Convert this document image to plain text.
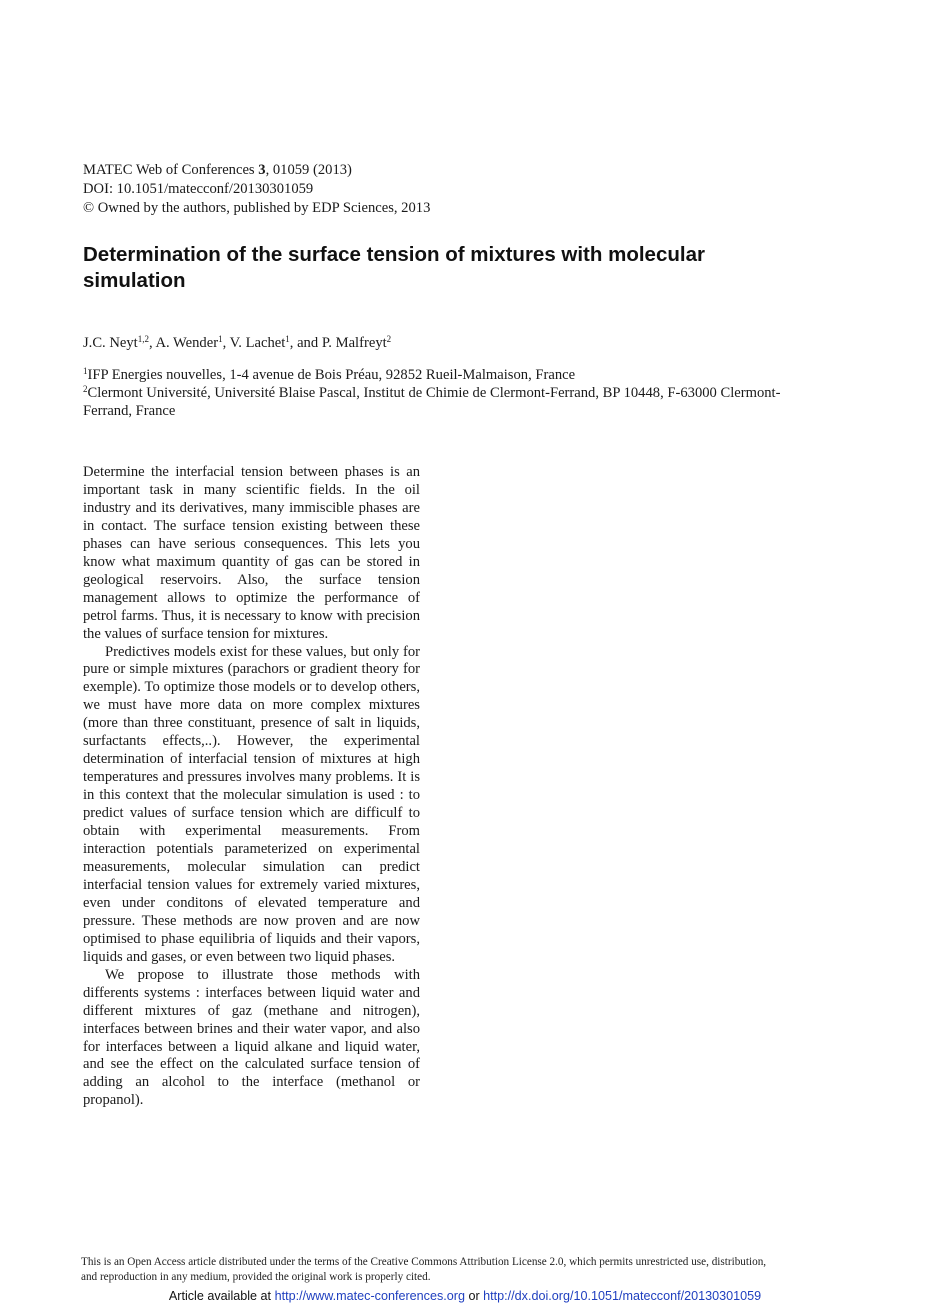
MATEC Web of Conferences 3, 01059 (2013)
DOI: 10.1051/matecconf/20130301059
© Owned by the authors, published by EDP Sciences, 2013
Determination of the surface tension of mixtures with molecular simulation
J.C. Neyt$^{1,2}$, A. Wender$^1$, V. Lachet$^1$, and P. Malfreyt$^2$
$^1$IFP Energies nouvelles, 1-4 avenue de Bois Préau, 92852 Rueil-Malmaison, France
$^2$Clermont Université, Université Blaise Pascal, Institut de Chimie de Clermont-Ferrand, BP 10448, F-63000 Clermont-Ferrand, France

Determine the interfacial tension between phases is an important task in many scientific fields. In the oil industry and its derivatives, many immiscible phases are in contact. The surface tension existing between these phases can have serious consequences. This lets you know what maximum quantity of gas can be stored in geological reservoirs. Also, the surface tension management allows to optimize the performance of petrol farms. Thus, it is necessary to know with precision the values of surface tension for mixtures.

Predictives models exist for these values, but only for pure or simple mixtures (parachors or gradient theory for exemple). To optimize those models or to develop others, we must have more data on more complex mixtures (more than three constituant, presence of salt in liquids, surfactants effects,..). However, the experimental determination of interfacial tension of mixtures at high temperatures and pressures involves many problems. It is in this context that the molecular simulation is used : to predict values of surface tension which are difficulf to obtain with experimental measurements. From interaction potentials parameterized on experimental measurements, molecular simulation can predict interfacial tension values for extremely varied mixtures, even under conditons of elevated temperature and pressure. These methods are now proven and are now optimised to phase equilibria of liquids and their vapors, liquids and gases, or even between two liquid phases.

We propose to illustrate those methods with differents systems : interfaces between liquid water and different mixtures of gaz (methane and nitrogen), interfaces between brines and their water vapor, and also for interfaces between a liquid alkane and liquid water, and see the effect on the calculated surface tension of adding an alcohol to the interface (methanol or propanol).

This is an Open Access article distributed under the terms of the Creative Commons Attribution License 2.0, which permits unrestricted use, distribution,
and reproduction in any medium, provided the original work is properly cited.
Article available at http://www.matec-conferences.org or http://dx.doi.org/10.1051/matecconf/20130301059
